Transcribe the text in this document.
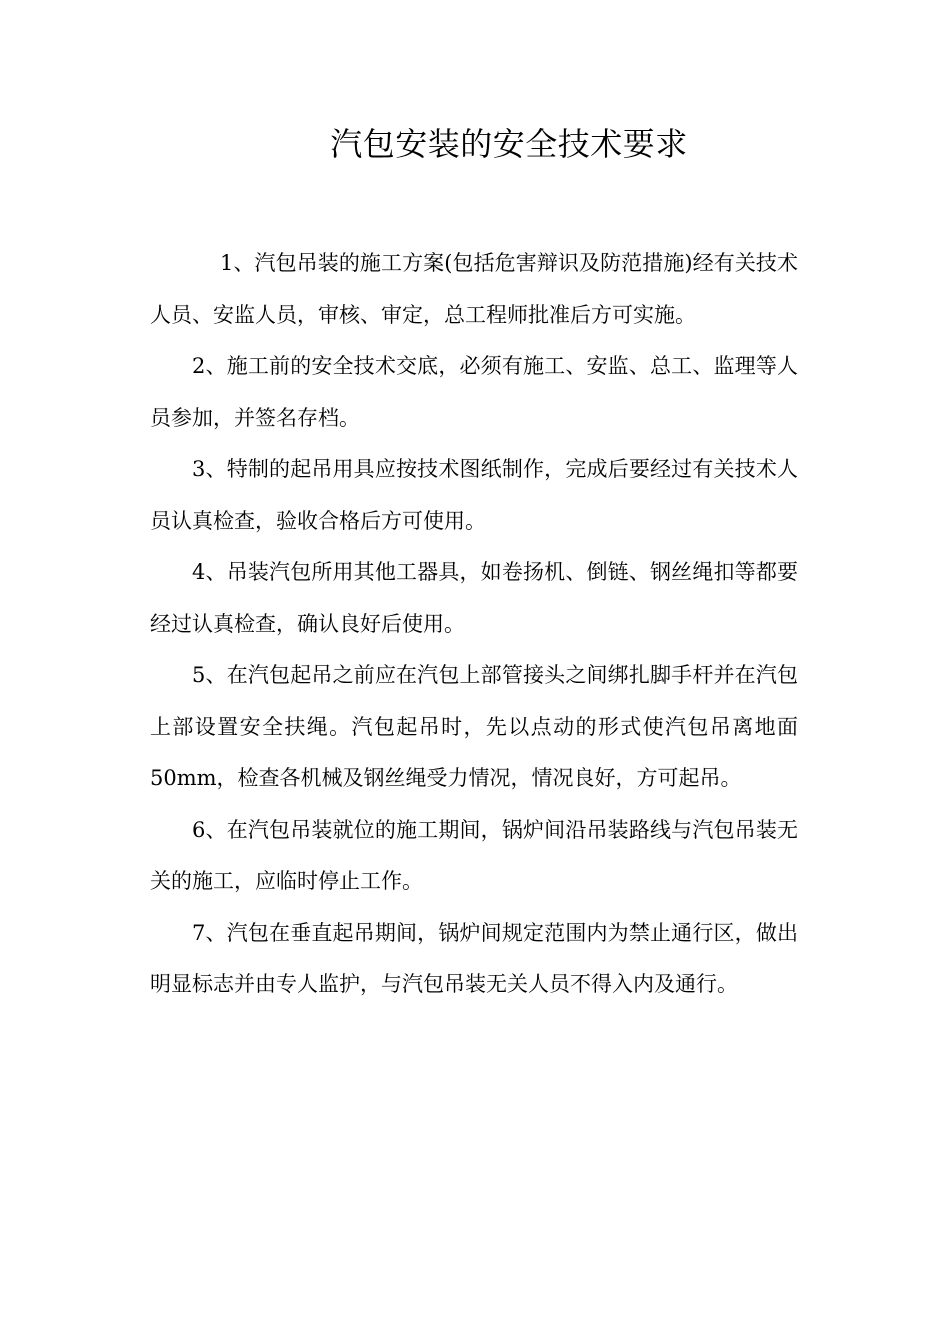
汽包安装的安全技术要求

1、汽包吊装的施工方案(包括危害辩识及防范措施)经有关技术人员、安监人员，审核、审定，总工程师批准后方可实施。

2、施工前的安全技术交底，必须有施工、安监、总工、监理等人员参加，并签名存档。

3、特制的起吊用具应按技术图纸制作，完成后要经过有关技术人员认真检查，验收合格后方可使用。

4、吊装汽包所用其他工器具，如卷扬机、倒链、钢丝绳扣等都要经过认真检查，确认良好后使用。

5、在汽包起吊之前应在汽包上部管接头之间绑扎脚手杆并在汽包上部设置安全扶绳。汽包起吊时，先以点动的形式使汽包吊离地面 50mm，检查各机械及钢丝绳受力情况，情况良好，方可起吊。

6、在汽包吊装就位的施工期间，锅炉间沿吊装路线与汽包吊装无关的施工，应临时停止工作。

7、汽包在垂直起吊期间，锅炉间规定范围内为禁止通行区，做出明显标志并由专人监护，与汽包吊装无关人员不得入内及通行。
